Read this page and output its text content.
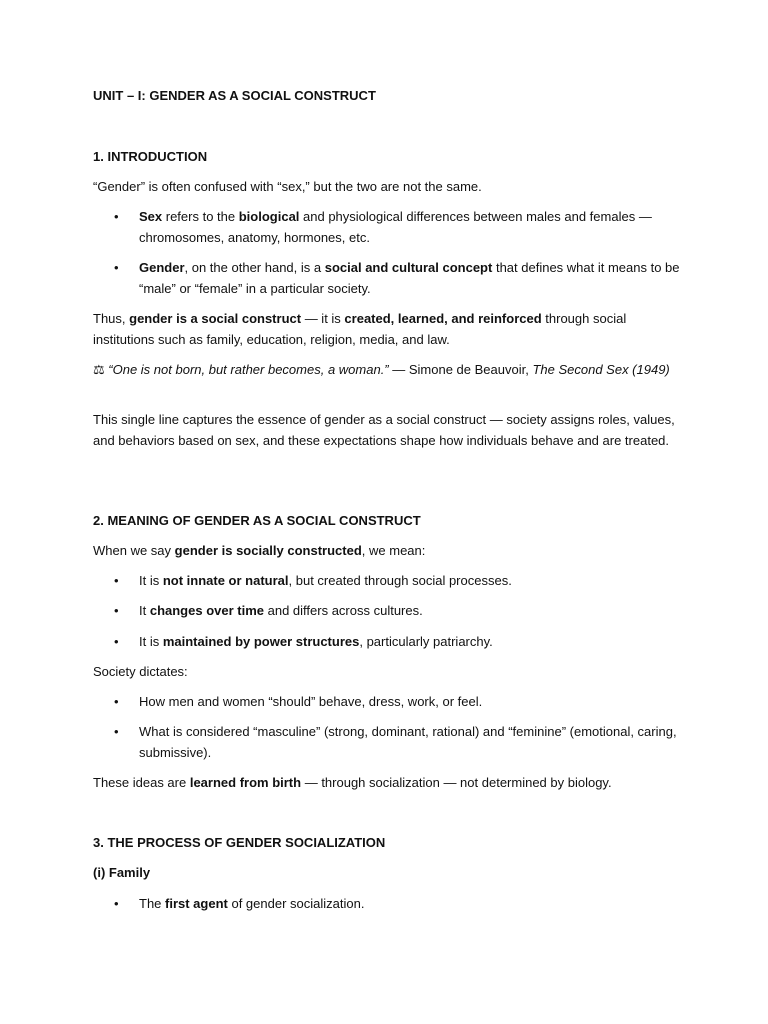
UNIT – I: GENDER AS A SOCIAL CONSTRUCT

1. INTRODUCTION

“Gender” is often confused with “sex,” but the two are not the same.

•	Sex refers to the biological and physiological differences between males and females — chromosomes, anatomy, hormones, etc.

•	Gender, on the other hand, is a social and cultural concept that defines what it means to be “male” or “female” in a particular society.

Thus, gender is a social construct — it is created, learned, and reinforced through social institutions such as family, education, religion, media, and law.

⚖ “One is not born, but rather becomes, a woman.” — Simone de Beauvoir, The Second Sex (1949)

This single line captures the essence of gender as a social construct — society assigns roles, values, and behaviors based on sex, and these expectations shape how individuals behave and are treated.

2. MEANING OF GENDER AS A SOCIAL CONSTRUCT

When we say gender is socially constructed, we mean:

•	It is not innate or natural, but created through social processes.

•	It changes over time and differs across cultures.

•	It is maintained by power structures, particularly patriarchy.

Society dictates:

•	How men and women “should” behave, dress, work, or feel.

•	What is considered “masculine” (strong, dominant, rational) and “feminine” (emotional, caring, submissive).

These ideas are learned from birth — through socialization — not determined by biology.

3. THE PROCESS OF GENDER SOCIALIZATION

(i) Family

•	The first agent of gender socialization.
